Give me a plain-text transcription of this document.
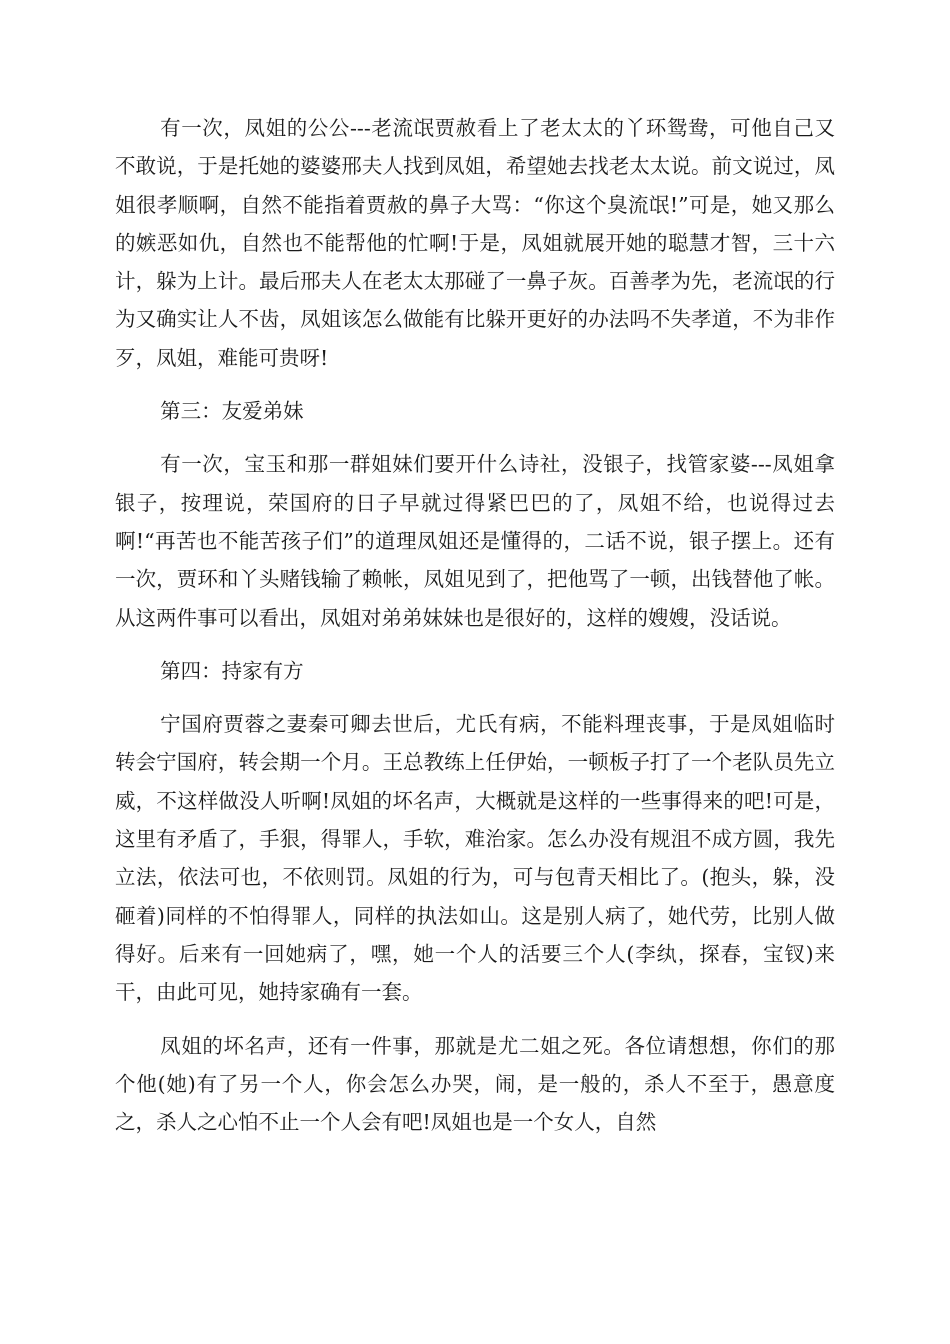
有一次，凤姐的公公---老流氓贾赦看上了老太太的丫环鸳鸯，可他自己又不敢说，于是托她的婆婆邢夫人找到凤姐，希望她去找老太太说。前文说过，凤姐很孝顺啊，自然不能指着贾赦的鼻子大骂：“你这个臭流氓!”可是，她又那么的嫉恶如仇，自然也不能帮他的忙啊!于是，凤姐就展开她的聪慧才智，三十六计，躲为上计。最后邢夫人在老太太那碰了一鼻子灰。百善孝为先，老流氓的行为又确实让人不齿，凤姐该怎么做能有比躲开更好的办法吗不失孝道，不为非作歹，凤姐，难能可贵呀!

第三：友爱弟妹

有一次，宝玉和那一群姐妹们要开什么诗社，没银子，找管家婆---凤姐拿银子，按理说，荣国府的日子早就过得紧巴巴的了，凤姐不给，也说得过去啊!“再苦也不能苦孩子们”的道理凤姐还是懂得的，二话不说，银子摆上。还有一次，贾环和丫头赌钱输了赖帐，凤姐见到了，把他骂了一顿，出钱替他了帐。从这两件事可以看出，凤姐对弟弟妹妹也是很好的，这样的嫂嫂，没话说。

第四：持家有方

宁国府贾蓉之妻秦可卿去世后，尤氏有病，不能料理丧事，于是凤姐临时转会宁国府，转会期一个月。王总教练上任伊始，一顿板子打了一个老队员先立威，不这样做没人听啊!凤姐的坏名声，大概就是这样的一些事得来的吧!可是，这里有矛盾了，手狠，得罪人，手软，难治家。怎么办没有规沮不成方圆，我先立法，依法可也，不依则罚。凤姐的行为，可与包青天相比了。(抱头，躲，没砸着)同样的不怕得罪人，同样的执法如山。这是别人病了，她代劳，比别人做得好。后来有一回她病了，嘿，她一个人的活要三个人(李纨，探春，宝钗)来干，由此可见，她持家确有一套。

凤姐的坏名声，还有一件事，那就是尤二姐之死。各位请想想，你们的那个他(她)有了另一个人，你会怎么办哭，闹，是一般的，杀人不至于，愚意度之，杀人之心怕不止一个人会有吧!凤姐也是一个女人，自然
